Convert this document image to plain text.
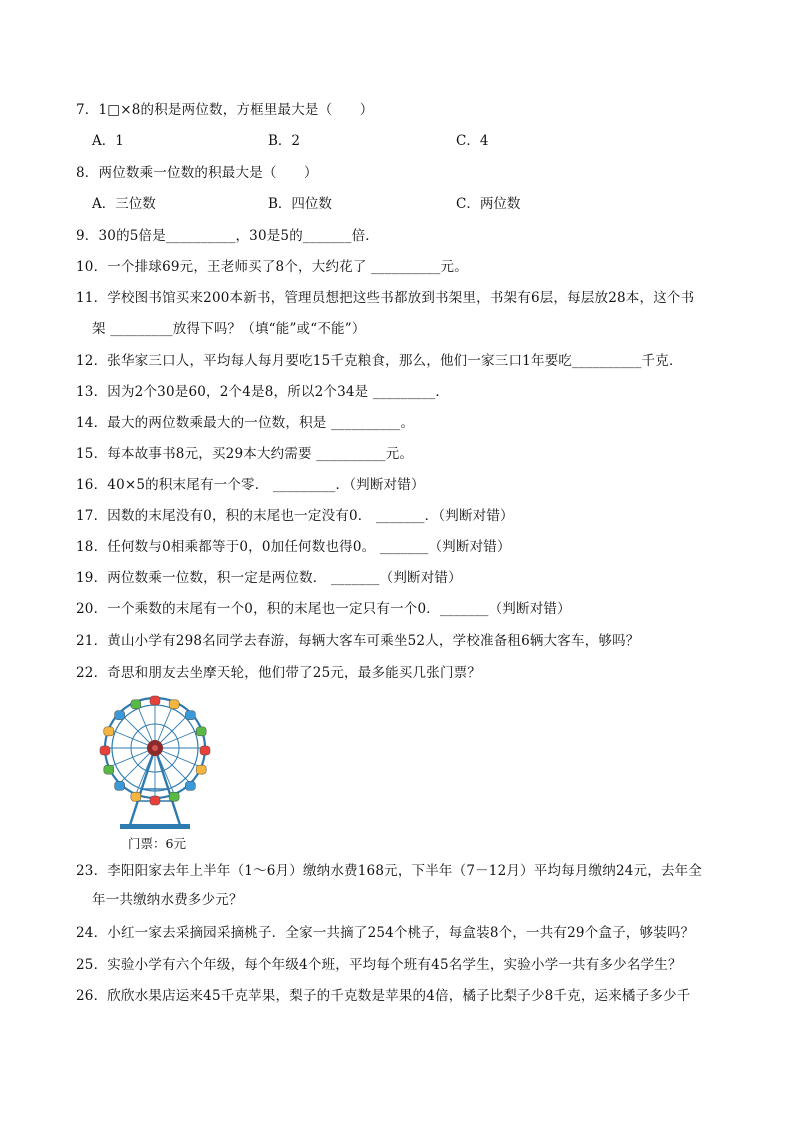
7．1□×8的积是两位数，方框里最大是（　　）
A．1	B．2	C．4
8．两位数乘一位数的积最大是（　　）
A．三位数	B．四位数	C．两位数
9．30的5倍是__________，30是5的_______倍．
10．一个排球69元，王老师买了8个，大约花了 __________元。
11．学校图书馆买来200本新书，管理员想把这些书都放到书架里，书架有6层，每层放28本，这个书
架 _________放得下吗？（填“能”或“不能”）
12．张华家三口人，平均每人每月要吃15千克粮食，那么，他们一家三口1年要吃__________千克．
13．因为2个30是60，2个4是8，所以2个34是 _________．
14．最大的两位数乘最大的一位数，积是 __________。
15．每本故事书8元，买29本大约需要 __________元。
16．40×5的积末尾有一个零． _________．（判断对错）
17．因数的末尾没有0，积的末尾也一定没有0． _______．（判断对错）
18．任何数与0相乘都等于0，0加任何数也得0。 _______（判断对错）
19．两位数乘一位数，积一定是两位数． _______（判断对错）
20．一个乘数的末尾有一个0，积的末尾也一定只有一个0．_______（判断对错）
21．黄山小学有298名同学去春游，每辆大客车可乘坐52人，学校准备租6辆大客车，够吗？
22．奇思和朋友去坐摩天轮，他们带了25元，最多能买几张门票？
门票：6元
23．李阳阳家去年上半年（1～6月）缴纳水费168元，下半年（7－12月）平均每月缴纳24元，去年全
年一共缴纳水费多少元？
24．小红一家去采摘园采摘桃子．全家一共摘了254个桃子，每盒装8个，一共有29个盒子，够装吗？
25．实验小学有六个年级，每个年级4个班，平均每个班有45名学生，实验小学一共有多少名学生？
26．欣欣水果店运来45千克苹果，梨子的千克数是苹果的4倍，橘子比梨子少8千克，运来橘子多少千
